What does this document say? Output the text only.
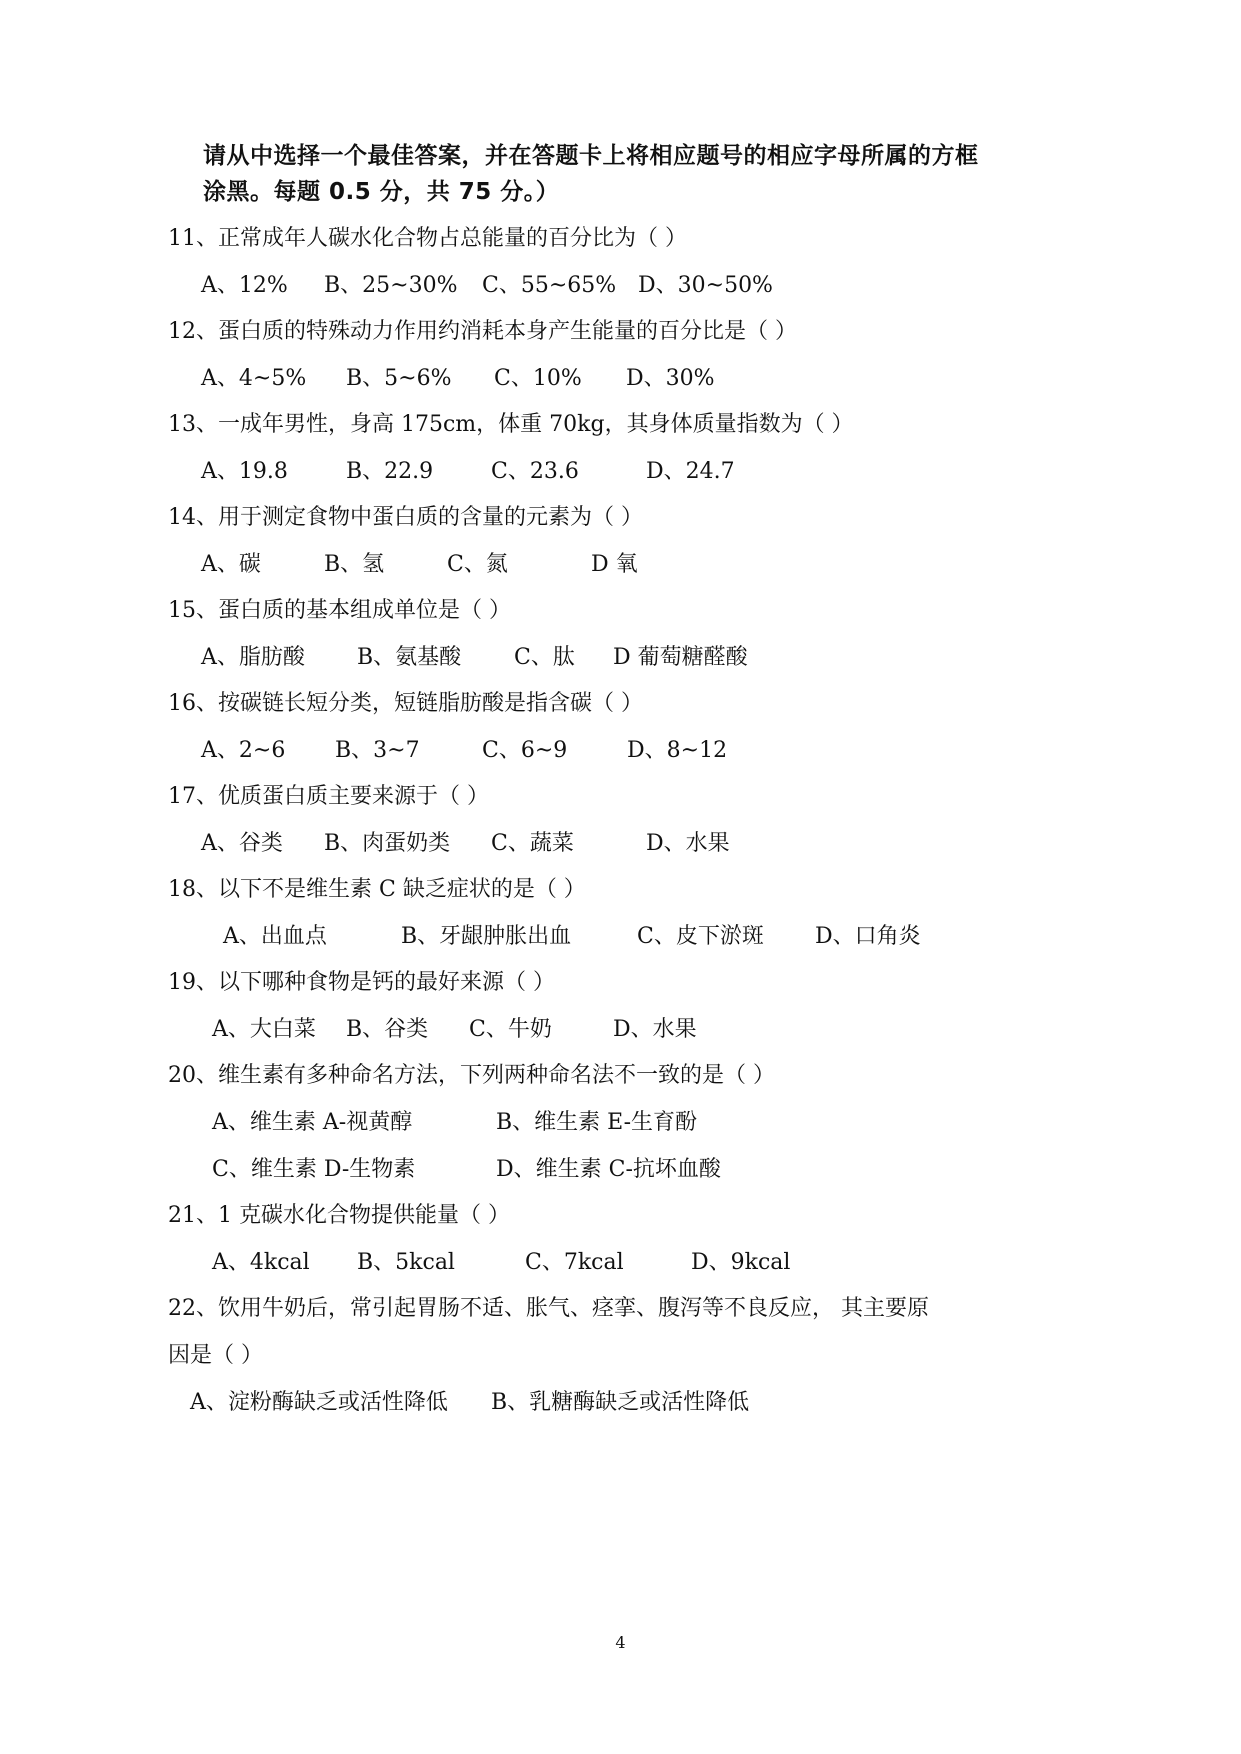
请从中选择一个最佳答案，并在答题卡上将相应题号的相应字母所属的方框
涂黑。每题 0.5 分，共 75 分。）
11、正常成年人碳水化合物占总能量的百分比为（ ）
A、12% B、25~30% C、55~65% D、30~50%
12、蛋白质的特殊动力作用约消耗本身产生能量的百分比是（ ）
A、4~5% B、5~6% C、10% D、30%
13、一成年男性，身高 175cm，体重 70kg，其身体质量指数为（ ）
A、19.8	B、22.9	C、23.6	D、24.7
14、用于测定食物中蛋白质的含量的元素为（ ）
A、碳	B、氢	C、氮	D 氧
15、蛋白质的基本组成单位是（ ）
A、脂肪酸 B、氨基酸 C、肽 D 葡萄糖醛酸
16、按碳链长短分类，短链脂肪酸是指含碳（ ）
A、2~6 B、3~7	C、6~9	D、8~12
17、优质蛋白质主要来源于（ ）
A、谷类 B、肉蛋奶类 C、蔬菜	D、水果
18、以下不是维生素 C 缺乏症状的是（ ）
A、出血点	B、牙龈肿胀出血	C、皮下淤斑 D、口角炎
19、以下哪种食物是钙的最好来源（ ）
A、大白菜 B、谷类 C、牛奶	D、水果
20、维生素有多种命名方法，下列两种命名法不一致的是（ ）
A、维生素 A-视黄醇	B、维生素 E-生育酚
C、维生素 D-生物素	D、维生素 C-抗坏血酸
21、1 克碳水化合物提供能量（ ）
A、4kcal B、5kcal	C、7kcal	D、9kcal
22、饮用牛奶后，常引起胃肠不适、胀气、痉挛、腹泻等不良反应， 其主要原
因是（ ）
A、淀粉酶缺乏或活性降低 B、乳糖酶缺乏或活性降低
4
